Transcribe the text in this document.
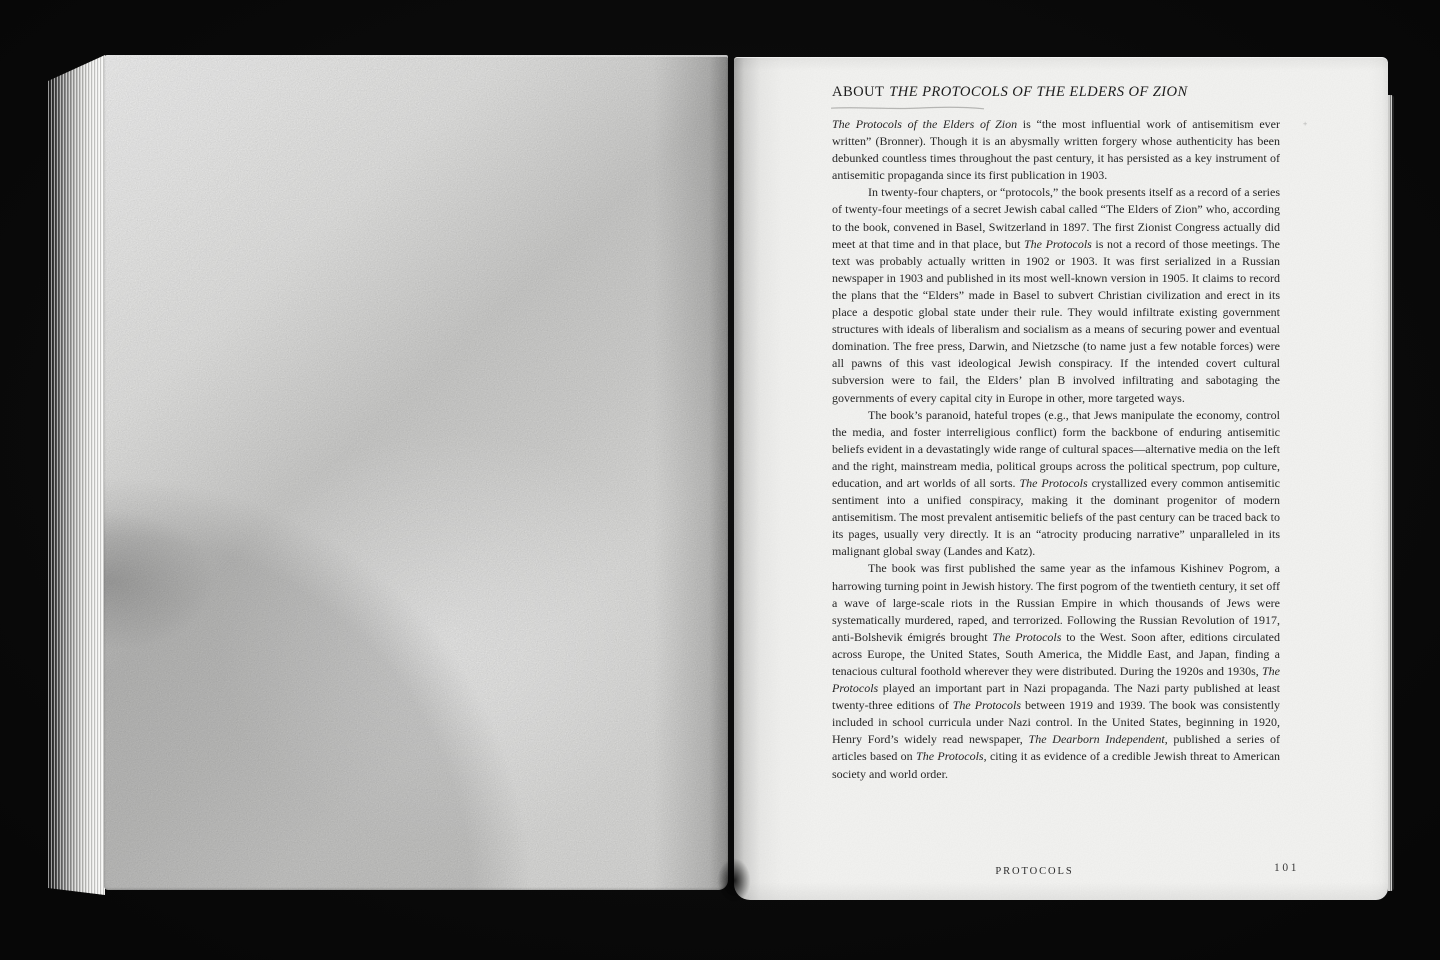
ABOUT THE PROTOCOLS OF THE ELDERS OF ZION
+

The Protocols of the Elders of Zion is “the most influential work of antisemitism ever written” (Bronner). Though it is an abysmally written forgery whose authenticity has been debunked countless times throughout the past century, it has persisted as a key instrument of antisemitic propaganda since its first publication in 1903.

In twenty-four chapters, or “protocols,” the book presents itself as a record of a series of twenty-four meetings of a secret Jewish cabal called “The Elders of Zion” who, according to the book, convened in Basel, Switzerland in 1897. The first Zionist Congress actually did meet at that time and in that place, but The Protocols is not a record of those meetings. The text was probably actually written in 1902 or 1903. It was first serialized in a Russian newspaper in 1903 and published in its most well-known version in 1905. It claims to record the plans that the “Elders” made in Basel to subvert Christian civilization and erect in its place a despotic global state under their rule. They would infiltrate existing government structures with ideals of liberalism and socialism as a means of securing power and eventual domination. The free press, Darwin, and Nietzsche (to name just a few notable forces) were all pawns of this vast ideological Jewish conspiracy. If the intended covert cultural subversion were to fail, the Elders’ plan B involved infiltrating and sabotaging the governments of every capital city in Europe in other, more targeted ways.

The book’s paranoid, hateful tropes (e.g., that Jews manipulate the economy, control the media, and foster interreligious conflict) form the backbone of enduring antisemitic beliefs evident in a devastatingly wide range of cultural spaces—alternative media on the left and the right, mainstream media, political groups across the political spectrum, pop culture, education, and art worlds of all sorts. The Protocols crystallized every common antisemitic sentiment into a unified conspiracy, making it the dominant progenitor of modern antisemitism. The most prevalent antisemitic beliefs of the past century can be traced back to its pages, usually very directly. It is an “atrocity producing narrative” unparalleled in its malignant global sway (Landes and Katz).

The book was first published the same year as the infamous Kishinev Pogrom, a harrowing turning point in Jewish history. The first pogrom of the twentieth century, it set off a wave of large-scale riots in the Russian Empire in which thousands of Jews were systematically murdered, raped, and terrorized. Following the Russian Revolution of 1917, anti-Bolshevik émigrés brought The Protocols to the West. Soon after, editions circulated across Europe, the United States, South America, the Middle East, and Japan, finding a tenacious cultural foothold wherever they were distributed. During the 1920s and 1930s, The Protocols played an important part in Nazi propaganda. The Nazi party published at least twenty-three editions of The Protocols between 1919 and 1939. The book was consistently included in school curricula under Nazi control. In the United States, beginning in 1920, Henry Ford’s widely read newspaper, The Dearborn Independent, published a series of articles based on The Protocols, citing it as evidence of a credible Jewish threat to American society and world order.

PROTOCOLS	101
